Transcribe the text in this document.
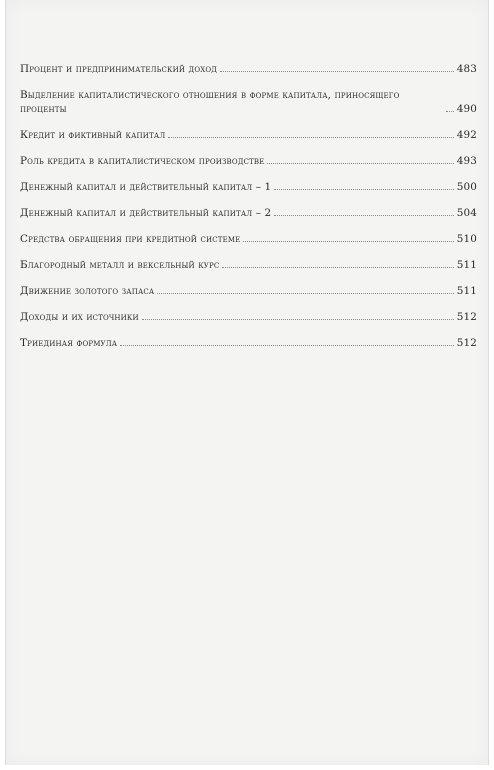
Процент и предпринимательский доход	483
Выделение капиталистического отношения в форме капитала, приносящего проценты	490
Кредит и фиктивный капитал	492
Роль кредита в капиталистическом производстве	493
Денежный капитал и действительный капитал – 1	500
Денежный капитал и действительный капитал – 2	504
Средства обращения при кредитной системе	510
Благородный металл и вексельный курс	511
Движение золотого запаса	511
Доходы и их источники	512
Триединая формула	512
